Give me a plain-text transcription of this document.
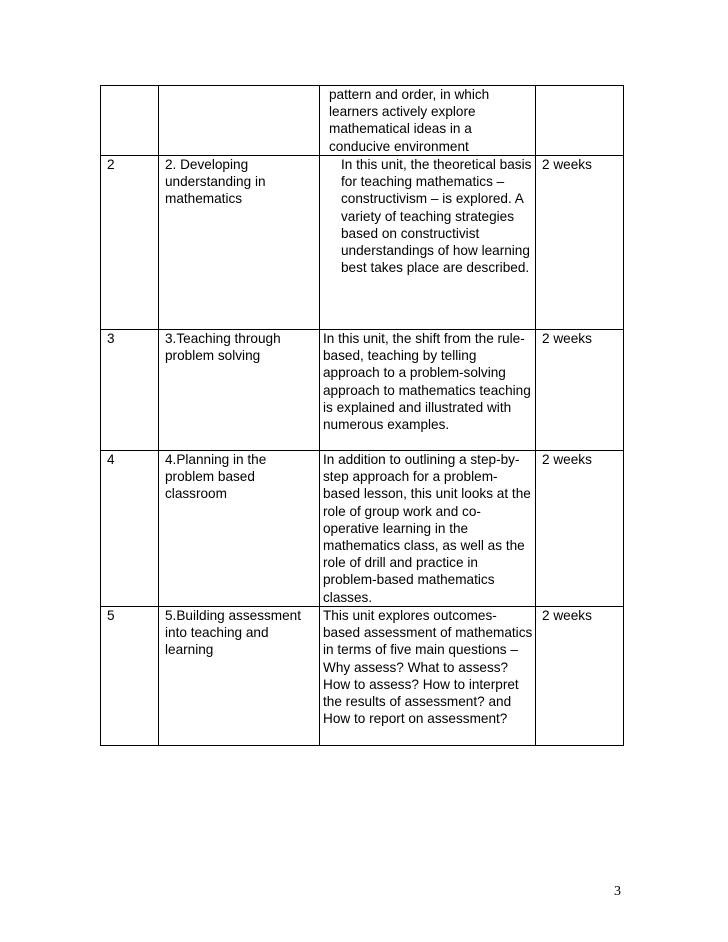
		pattern and order, in which learners actively explore mathematical ideas in a conducive environment	
2	2. Developing understanding in mathematics	In this unit, the theoretical basis for teaching mathematics – constructivism – is explored. A variety of teaching strategies based on constructivist understandings of how learning best takes place are described.	2 weeks
3	3.Teaching through problem solving	In this unit, the shift from the rule-based, teaching by telling approach to a problem-solving approach to mathematics teaching is explained and illustrated with numerous examples.	2 weeks
4	4.Planning in the problem based classroom	In addition to outlining a step-by-step approach for a problem-based lesson, this unit looks at the role of group work and co-operative learning in the mathematics class, as well as the role of drill and practice in problem-based mathematics classes.	2 weeks
5	5.Building assessment into teaching and learning	This unit explores outcomes-based assessment of mathematics in terms of five main questions – Why assess? What to assess? How to assess? How to interpret the results of assessment? and How to report on assessment?	2 weeks
3
